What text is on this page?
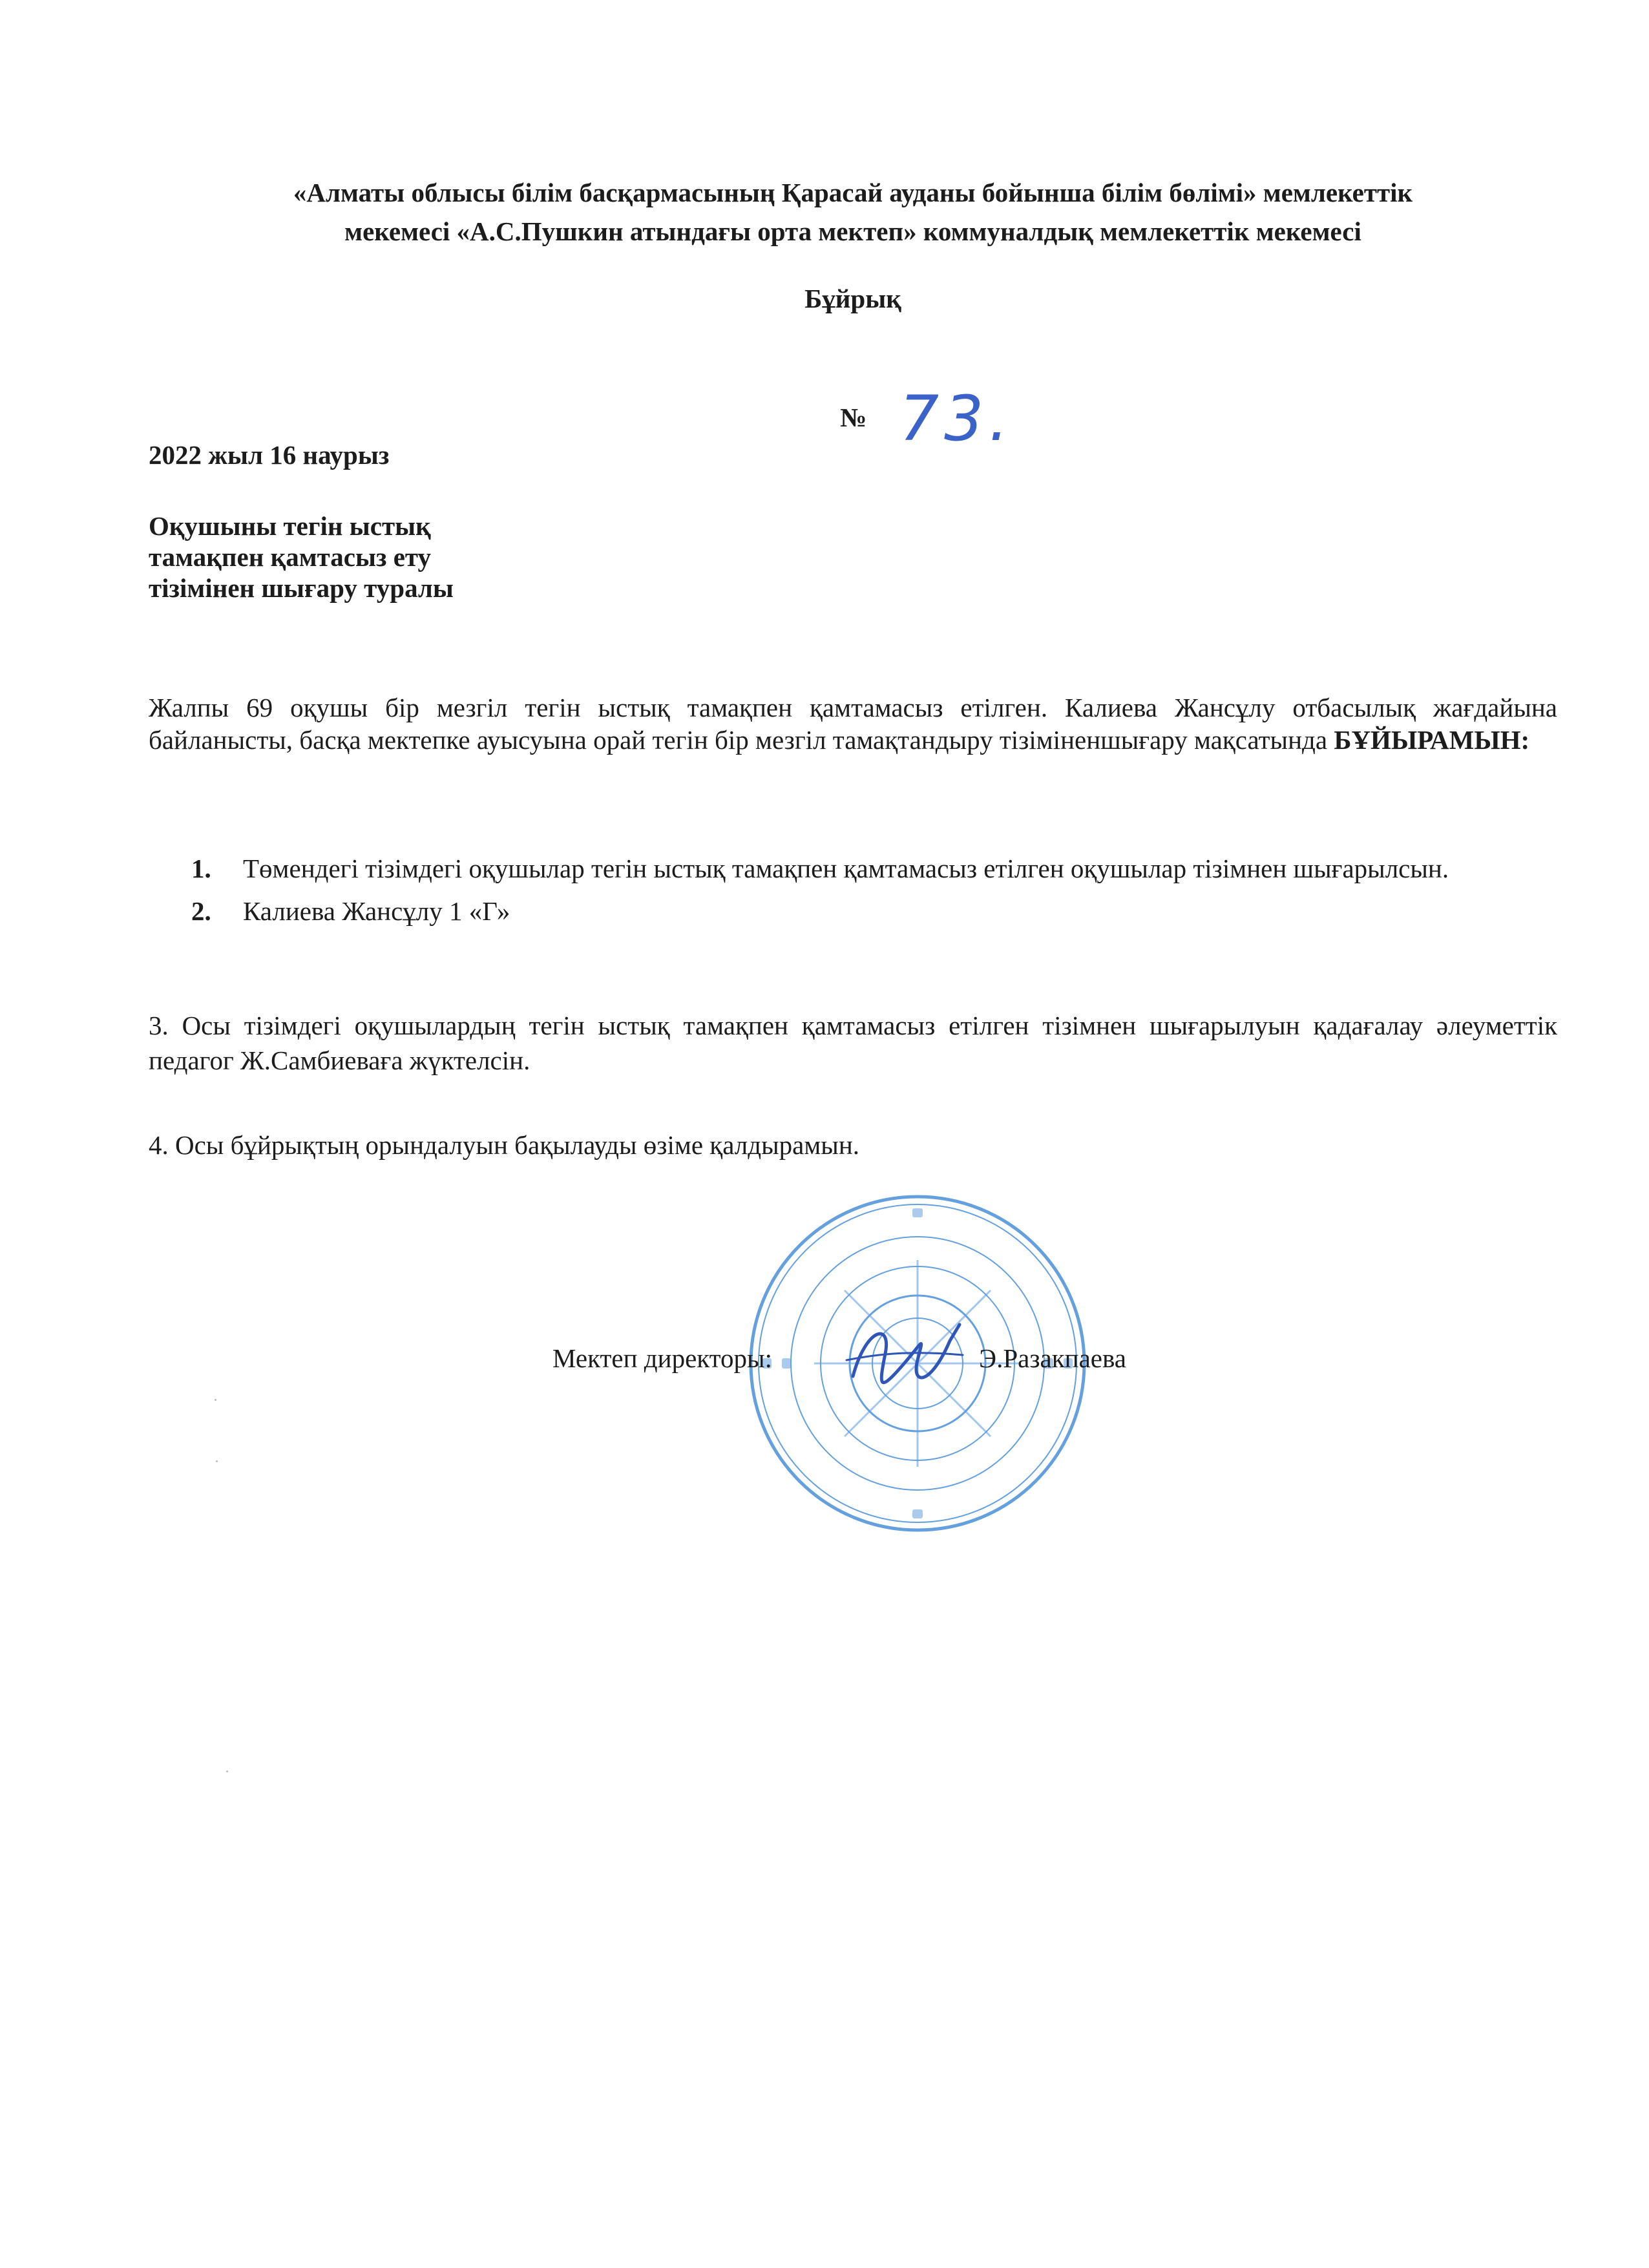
«Алматы облысы білім басқармасының Қарасай ауданы бойынша білім бөлімі» мемлекеттік
мекемесі «А.С.Пушкин атындағы орта мектеп» коммуналдық мемлекеттік мекемесі
Бұйрық
№ 73.
2022 жыл 16 наурыз
Оқушыны тегін ыстық
тамақпен қамтасыз ету
тізімінен шығару туралы
Жалпы 69 оқушы бір мезгіл тегін ыстық тамақпен қамтамасыз етілген. Калиева Жансұлу отбасылық жағдайына байланысты, басқа мектепке ауысуына орай тегін бір мезгіл тамақтандыру тізіміненшығару мақсатында БҰЙЫРАМЫН:
1. Төмендегі тізімдегі оқушылар тегін ыстық тамақпен қамтамасыз етілген оқушылар тізімнен шығарылсын.
2. Калиева Жансұлу 1 «Г»
3. Осы тізімдегі оқушылардың тегін ыстық тамақпен қамтамасыз етілген тізімнен шығарылуын қадағалау әлеуметтік педагог Ж.Самбиеваға жүктелсін.
4. Осы бұйрықтың орындалуын бақылауды өзіме қалдырамын.
Мектеп директоры:	Э.Разакпаева
